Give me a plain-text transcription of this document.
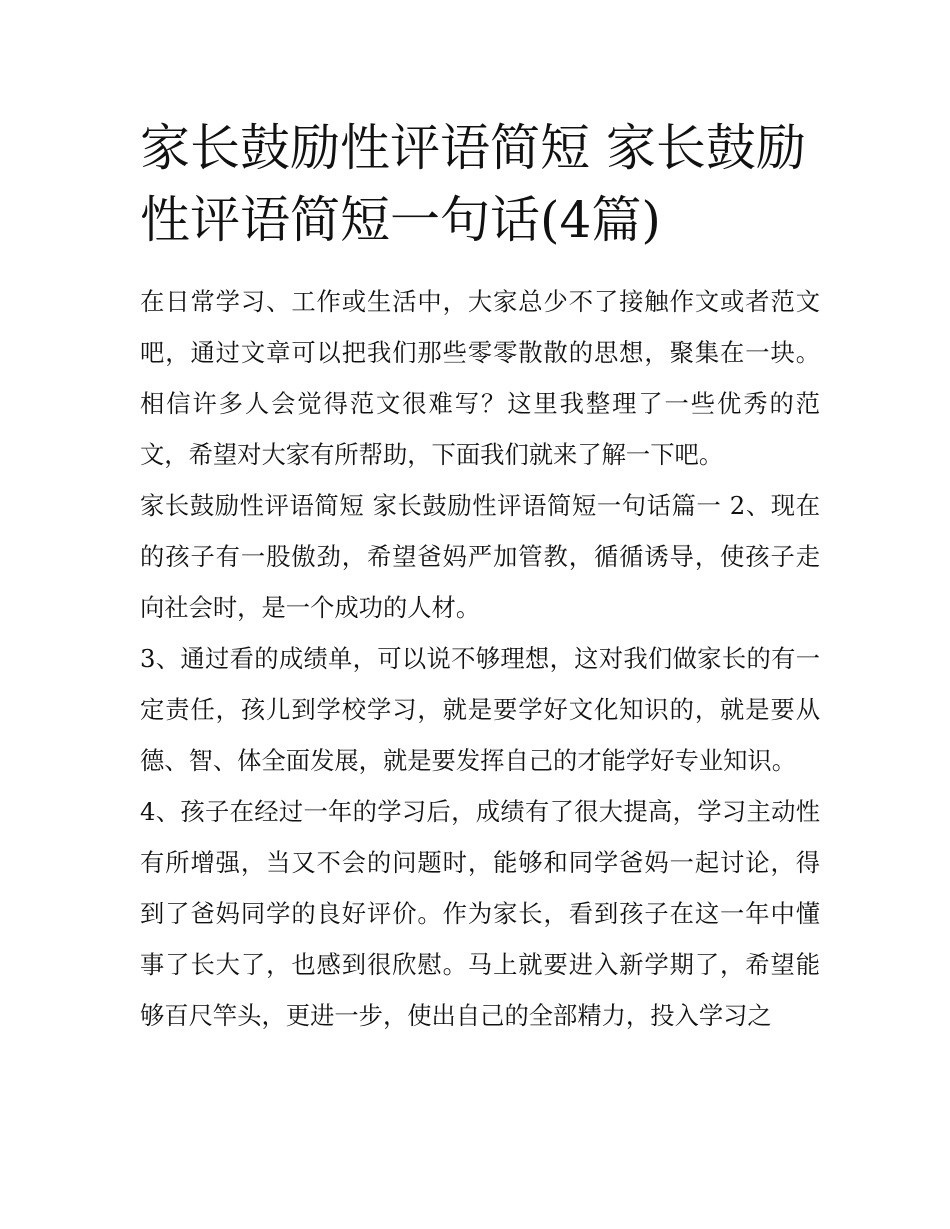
家长鼓励性评语简短 家长鼓励性评语简短一句话(4篇)

在日常学习、工作或生活中，大家总少不了接触作文或者范文吧，通过文章可以把我们那些零零散散的思想，聚集在一块。相信许多人会觉得范文很难写？这里我整理了一些优秀的范文，希望对大家有所帮助，下面我们就来了解一下吧。

家长鼓励性评语简短 家长鼓励性评语简短一句话篇一 2、现在的孩子有一股傲劲，希望爸妈严加管教，循循诱导，使孩子走向社会时，是一个成功的人材。

3、通过看的成绩单，可以说不够理想，这对我们做家长的有一定责任，孩儿到学校学习，就是要学好文化知识的，就是要从德、智、体全面发展，就是要发挥自己的才能学好专业知识。

4、孩子在经过一年的学习后，成绩有了很大提高，学习主动性有所增强，当又不会的问题时，能够和同学爸妈一起讨论，得到了爸妈同学的良好评价。作为家长，看到孩子在这一年中懂事了长大了，也感到很欣慰。马上就要进入新学期了，希望能够百尺竿头，更进一步，使出自己的全部精力，投入学习之
